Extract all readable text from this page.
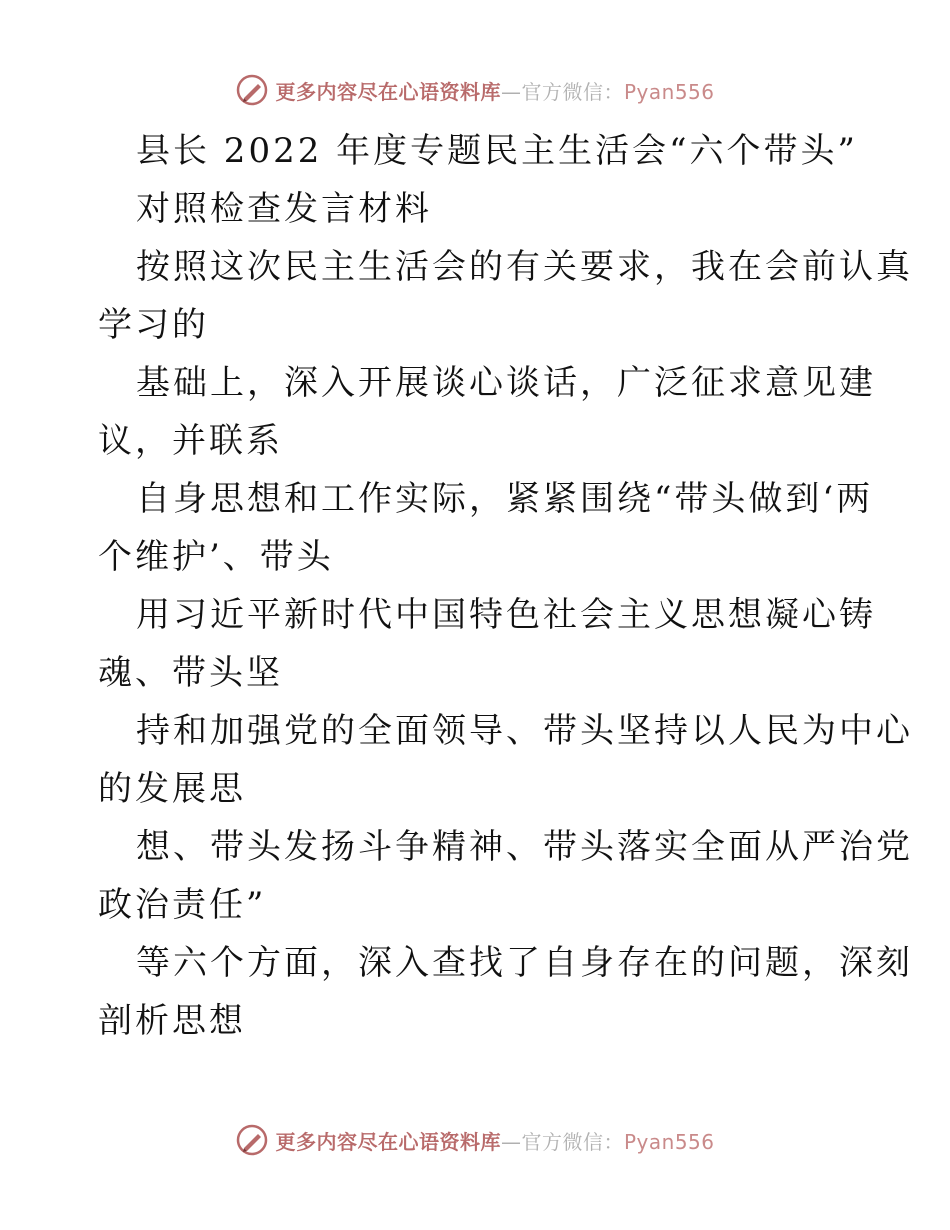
更多内容尽在心语资料库—官方微信：Pyan556
县长 2022 年度专题民主生活会“六个带头”
对照检查发言材料
按照这次民主生活会的有关要求，我在会前认真
学习的
基础上，深入开展谈心谈话，广泛征求意见建
议，并联系
自身思想和工作实际，紧紧围绕“带头做到‘两
个维护’、带头
用习近平新时代中国特色社会主义思想凝心铸
魂、带头坚
持和加强党的全面领导、带头坚持以人民为中心
的发展思
想、带头发扬斗争精神、带头落实全面从严治党
政治责任”
等六个方面，深入查找了自身存在的问题，深刻
剖析思想
更多内容尽在心语资料库—官方微信：Pyan556
